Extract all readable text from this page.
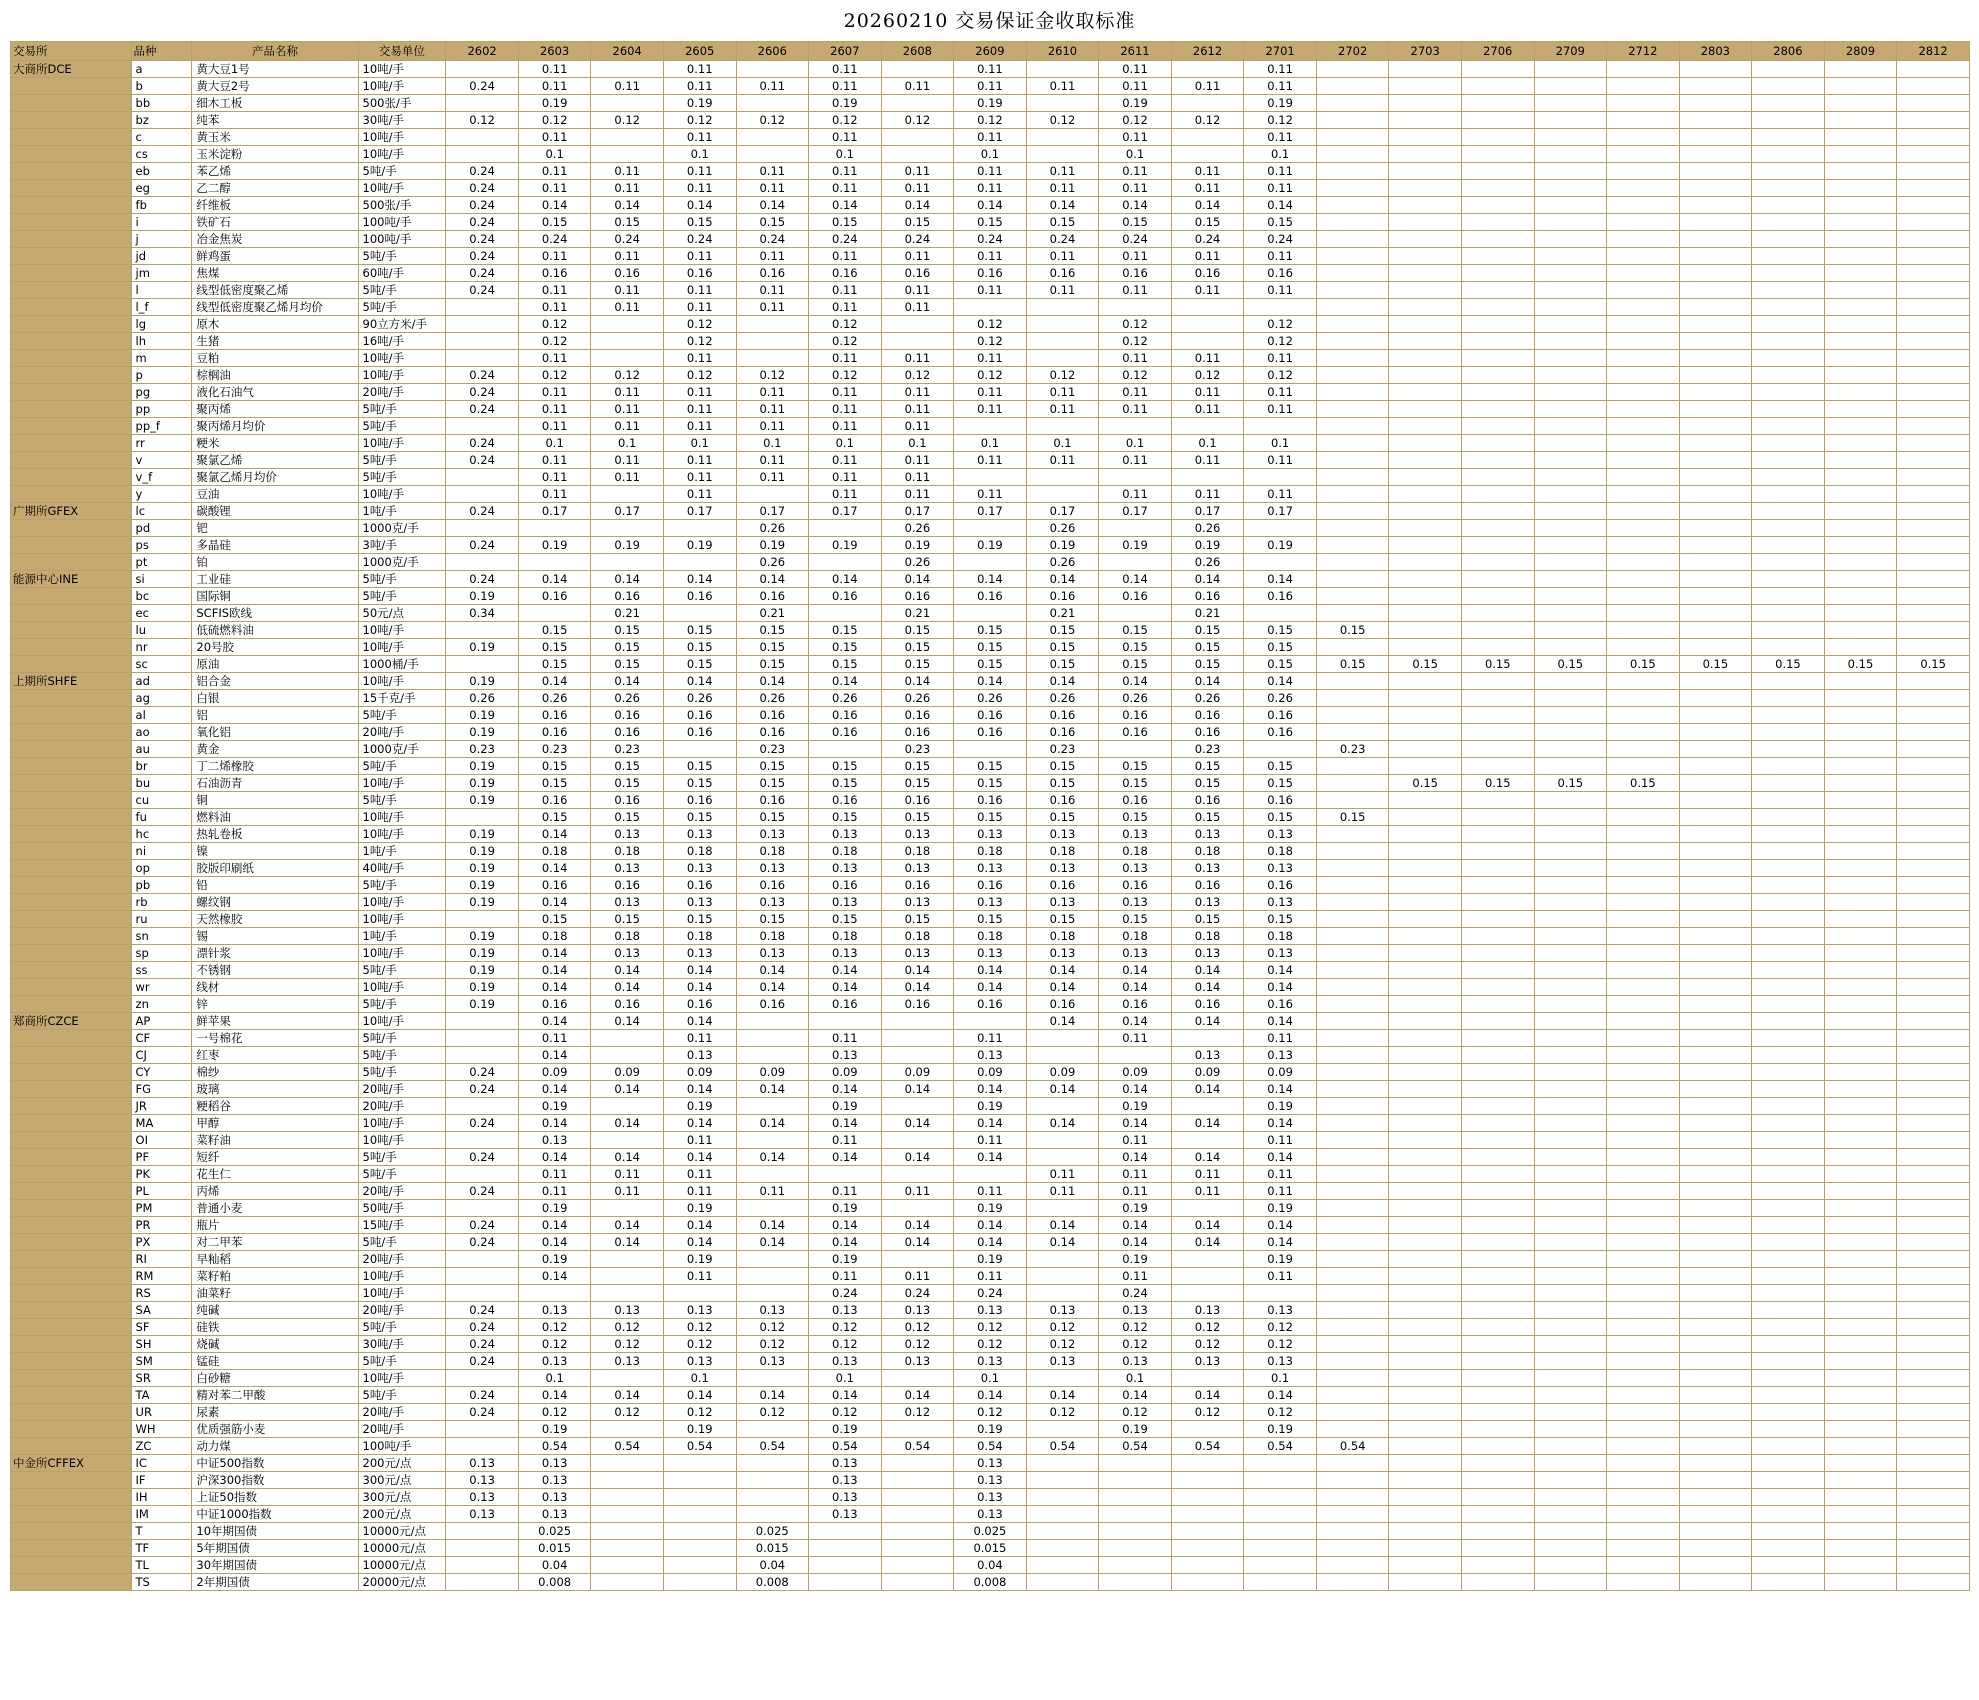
20260210 交易保证金收取标准
交易所	品种	产品名称	交易单位	2602	2603	2604	2605	2606	2607	2608	2609	2610	2611	2612	2701	2702	2703	2706	2709	2712	2803	2806	2809	2812
大商所DCE	a	黄大豆1号	10吨/手		0.11		0.11		0.11		0.11		0.11		0.11									
	b	黄大豆2号	10吨/手	0.24	0.11	0.11	0.11	0.11	0.11	0.11	0.11	0.11	0.11	0.11	0.11									
	bb	细木工板	500张/手		0.19		0.19		0.19		0.19		0.19		0.19									
	bz	纯苯	30吨/手	0.12	0.12	0.12	0.12	0.12	0.12	0.12	0.12	0.12	0.12	0.12	0.12									
	c	黄玉米	10吨/手		0.11		0.11		0.11		0.11		0.11		0.11									
	cs	玉米淀粉	10吨/手		0.1		0.1		0.1		0.1		0.1		0.1									
	eb	苯乙烯	5吨/手	0.24	0.11	0.11	0.11	0.11	0.11	0.11	0.11	0.11	0.11	0.11	0.11									
	eg	乙二醇	10吨/手	0.24	0.11	0.11	0.11	0.11	0.11	0.11	0.11	0.11	0.11	0.11	0.11									
	fb	纤维板	500张/手	0.24	0.14	0.14	0.14	0.14	0.14	0.14	0.14	0.14	0.14	0.14	0.14									
	i	铁矿石	100吨/手	0.24	0.15	0.15	0.15	0.15	0.15	0.15	0.15	0.15	0.15	0.15	0.15									
	j	冶金焦炭	100吨/手	0.24	0.24	0.24	0.24	0.24	0.24	0.24	0.24	0.24	0.24	0.24	0.24									
	jd	鲜鸡蛋	5吨/手	0.24	0.11	0.11	0.11	0.11	0.11	0.11	0.11	0.11	0.11	0.11	0.11									
	jm	焦煤	60吨/手	0.24	0.16	0.16	0.16	0.16	0.16	0.16	0.16	0.16	0.16	0.16	0.16									
	l	线型低密度聚乙烯	5吨/手	0.24	0.11	0.11	0.11	0.11	0.11	0.11	0.11	0.11	0.11	0.11	0.11									
	l_f	线型低密度聚乙烯月均价	5吨/手		0.11	0.11	0.11	0.11	0.11	0.11														
	lg	原木	90立方米/手		0.12		0.12		0.12		0.12		0.12		0.12									
	lh	生猪	16吨/手		0.12		0.12		0.12		0.12		0.12		0.12									
	m	豆粕	10吨/手		0.11		0.11		0.11	0.11	0.11		0.11	0.11	0.11									
	p	棕榈油	10吨/手	0.24	0.12	0.12	0.12	0.12	0.12	0.12	0.12	0.12	0.12	0.12	0.12									
	pg	液化石油气	20吨/手	0.24	0.11	0.11	0.11	0.11	0.11	0.11	0.11	0.11	0.11	0.11	0.11									
	pp	聚丙烯	5吨/手	0.24	0.11	0.11	0.11	0.11	0.11	0.11	0.11	0.11	0.11	0.11	0.11									
	pp_f	聚丙烯月均价	5吨/手		0.11	0.11	0.11	0.11	0.11	0.11														
	rr	粳米	10吨/手	0.24	0.1	0.1	0.1	0.1	0.1	0.1	0.1	0.1	0.1	0.1	0.1									
	v	聚氯乙烯	5吨/手	0.24	0.11	0.11	0.11	0.11	0.11	0.11	0.11	0.11	0.11	0.11	0.11									
	v_f	聚氯乙烯月均价	5吨/手		0.11	0.11	0.11	0.11	0.11	0.11														
	y	豆油	10吨/手		0.11		0.11		0.11	0.11	0.11		0.11	0.11	0.11									
广期所GFEX	lc	碳酸锂	1吨/手	0.24	0.17	0.17	0.17	0.17	0.17	0.17	0.17	0.17	0.17	0.17	0.17									
	pd	钯	1000克/手					0.26		0.26		0.26		0.26										
	ps	多晶硅	3吨/手	0.24	0.19	0.19	0.19	0.19	0.19	0.19	0.19	0.19	0.19	0.19	0.19									
	pt	铂	1000克/手					0.26		0.26		0.26		0.26										
能源中心INE	si	工业硅	5吨/手	0.24	0.14	0.14	0.14	0.14	0.14	0.14	0.14	0.14	0.14	0.14	0.14									
	bc	国际铜	5吨/手	0.19	0.16	0.16	0.16	0.16	0.16	0.16	0.16	0.16	0.16	0.16	0.16									
	ec	SCFIS欧线	50元/点	0.34		0.21		0.21		0.21		0.21		0.21										
	lu	低硫燃料油	10吨/手		0.15	0.15	0.15	0.15	0.15	0.15	0.15	0.15	0.15	0.15	0.15	0.15								
	nr	20号胶	10吨/手	0.19	0.15	0.15	0.15	0.15	0.15	0.15	0.15	0.15	0.15	0.15	0.15									
	sc	原油	1000桶/手		0.15	0.15	0.15	0.15	0.15	0.15	0.15	0.15	0.15	0.15	0.15	0.15	0.15	0.15	0.15	0.15	0.15	0.15	0.15	0.15
上期所SHFE	ad	铝合金	10吨/手	0.19	0.14	0.14	0.14	0.14	0.14	0.14	0.14	0.14	0.14	0.14	0.14									
	ag	白银	15千克/手	0.26	0.26	0.26	0.26	0.26	0.26	0.26	0.26	0.26	0.26	0.26	0.26									
	al	铝	5吨/手	0.19	0.16	0.16	0.16	0.16	0.16	0.16	0.16	0.16	0.16	0.16	0.16									
	ao	氧化铝	20吨/手	0.19	0.16	0.16	0.16	0.16	0.16	0.16	0.16	0.16	0.16	0.16	0.16									
	au	黄金	1000克/手	0.23	0.23	0.23		0.23		0.23		0.23		0.23		0.23								
	br	丁二烯橡胶	5吨/手	0.19	0.15	0.15	0.15	0.15	0.15	0.15	0.15	0.15	0.15	0.15	0.15									
	bu	石油沥青	10吨/手	0.19	0.15	0.15	0.15	0.15	0.15	0.15	0.15	0.15	0.15	0.15	0.15		0.15	0.15	0.15	0.15				
	cu	铜	5吨/手	0.19	0.16	0.16	0.16	0.16	0.16	0.16	0.16	0.16	0.16	0.16	0.16									
	fu	燃料油	10吨/手		0.15	0.15	0.15	0.15	0.15	0.15	0.15	0.15	0.15	0.15	0.15	0.15								
	hc	热轧卷板	10吨/手	0.19	0.14	0.13	0.13	0.13	0.13	0.13	0.13	0.13	0.13	0.13	0.13									
	ni	镍	1吨/手	0.19	0.18	0.18	0.18	0.18	0.18	0.18	0.18	0.18	0.18	0.18	0.18									
	op	胶版印刷纸	40吨/手	0.19	0.14	0.13	0.13	0.13	0.13	0.13	0.13	0.13	0.13	0.13	0.13									
	pb	铅	5吨/手	0.19	0.16	0.16	0.16	0.16	0.16	0.16	0.16	0.16	0.16	0.16	0.16									
	rb	螺纹钢	10吨/手	0.19	0.14	0.13	0.13	0.13	0.13	0.13	0.13	0.13	0.13	0.13	0.13									
	ru	天然橡胶	10吨/手		0.15	0.15	0.15	0.15	0.15	0.15	0.15	0.15	0.15	0.15	0.15									
	sn	锡	1吨/手	0.19	0.18	0.18	0.18	0.18	0.18	0.18	0.18	0.18	0.18	0.18	0.18									
	sp	漂针浆	10吨/手	0.19	0.14	0.13	0.13	0.13	0.13	0.13	0.13	0.13	0.13	0.13	0.13									
	ss	不锈钢	5吨/手	0.19	0.14	0.14	0.14	0.14	0.14	0.14	0.14	0.14	0.14	0.14	0.14									
	wr	线材	10吨/手	0.19	0.14	0.14	0.14	0.14	0.14	0.14	0.14	0.14	0.14	0.14	0.14									
	zn	锌	5吨/手	0.19	0.16	0.16	0.16	0.16	0.16	0.16	0.16	0.16	0.16	0.16	0.16									
郑商所CZCE	AP	鲜苹果	10吨/手		0.14	0.14	0.14					0.14	0.14	0.14	0.14									
	CF	一号棉花	5吨/手		0.11		0.11		0.11		0.11		0.11		0.11									
	CJ	红枣	5吨/手		0.14		0.13		0.13		0.13			0.13	0.13									
	CY	棉纱	5吨/手	0.24	0.09	0.09	0.09	0.09	0.09	0.09	0.09	0.09	0.09	0.09	0.09									
	FG	玻璃	20吨/手	0.24	0.14	0.14	0.14	0.14	0.14	0.14	0.14	0.14	0.14	0.14	0.14									
	JR	粳稻谷	20吨/手		0.19		0.19		0.19		0.19		0.19		0.19									
	MA	甲醇	10吨/手	0.24	0.14	0.14	0.14	0.14	0.14	0.14	0.14	0.14	0.14	0.14	0.14									
	OI	菜籽油	10吨/手		0.13		0.11		0.11		0.11		0.11		0.11									
	PF	短纤	5吨/手	0.24	0.14	0.14	0.14	0.14	0.14	0.14	0.14		0.14	0.14	0.14									
	PK	花生仁	5吨/手		0.11	0.11	0.11					0.11	0.11	0.11	0.11									
	PL	丙烯	20吨/手	0.24	0.11	0.11	0.11	0.11	0.11	0.11	0.11	0.11	0.11	0.11	0.11									
	PM	普通小麦	50吨/手		0.19		0.19		0.19		0.19		0.19		0.19									
	PR	瓶片	15吨/手	0.24	0.14	0.14	0.14	0.14	0.14	0.14	0.14	0.14	0.14	0.14	0.14									
	PX	对二甲苯	5吨/手	0.24	0.14	0.14	0.14	0.14	0.14	0.14	0.14	0.14	0.14	0.14	0.14									
	RI	早籼稻	20吨/手		0.19		0.19		0.19		0.19		0.19		0.19									
	RM	菜籽粕	10吨/手		0.14		0.11		0.11	0.11	0.11		0.11		0.11									
	RS	油菜籽	10吨/手						0.24	0.24	0.24		0.24											
	SA	纯碱	20吨/手	0.24	0.13	0.13	0.13	0.13	0.13	0.13	0.13	0.13	0.13	0.13	0.13									
	SF	硅铁	5吨/手	0.24	0.12	0.12	0.12	0.12	0.12	0.12	0.12	0.12	0.12	0.12	0.12									
	SH	烧碱	30吨/手	0.24	0.12	0.12	0.12	0.12	0.12	0.12	0.12	0.12	0.12	0.12	0.12									
	SM	锰硅	5吨/手	0.24	0.13	0.13	0.13	0.13	0.13	0.13	0.13	0.13	0.13	0.13	0.13									
	SR	白砂糖	10吨/手		0.1		0.1		0.1		0.1		0.1		0.1									
	TA	精对苯二甲酸	5吨/手	0.24	0.14	0.14	0.14	0.14	0.14	0.14	0.14	0.14	0.14	0.14	0.14									
	UR	尿素	20吨/手	0.24	0.12	0.12	0.12	0.12	0.12	0.12	0.12	0.12	0.12	0.12	0.12									
	WH	优质强筋小麦	20吨/手		0.19		0.19		0.19		0.19		0.19		0.19									
	ZC	动力煤	100吨/手		0.54	0.54	0.54	0.54	0.54	0.54	0.54	0.54	0.54	0.54	0.54	0.54								
中金所CFFEX	IC	中证500指数	200元/点	0.13	0.13				0.13		0.13													
	IF	沪深300指数	300元/点	0.13	0.13				0.13		0.13													
	IH	上证50指数	300元/点	0.13	0.13				0.13		0.13													
	IM	中证1000指数	200元/点	0.13	0.13				0.13		0.13													
	T	10年期国债	10000元/点		0.025			0.025			0.025													
	TF	5年期国债	10000元/点		0.015			0.015			0.015													
	TL	30年期国债	10000元/点		0.04			0.04			0.04													
	TS	2年期国债	20000元/点		0.008			0.008			0.008													
